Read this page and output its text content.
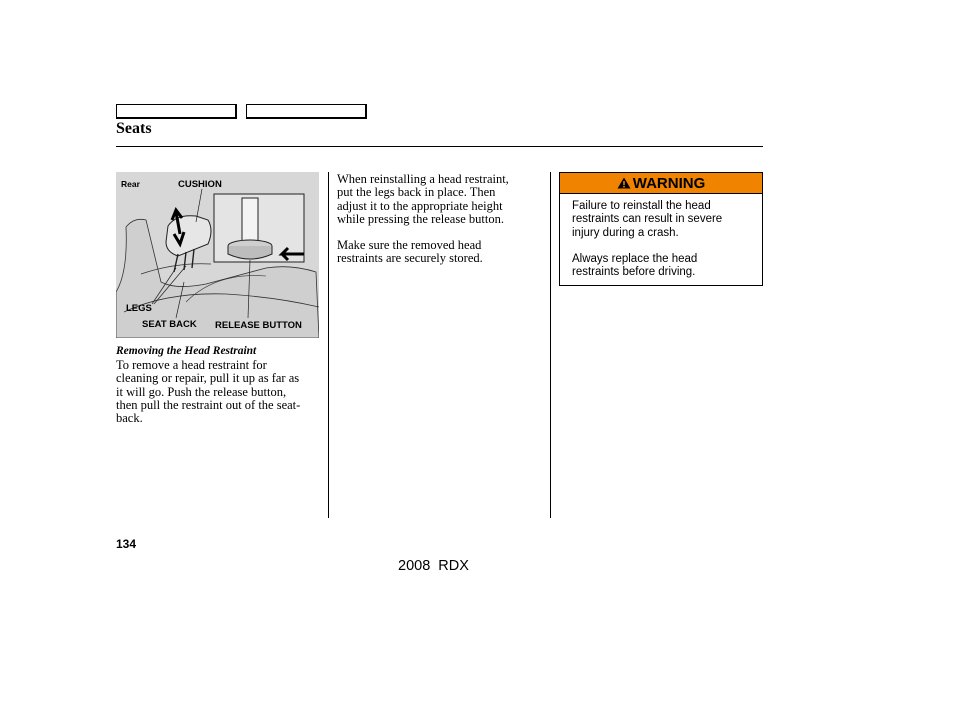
Seats
Rear	CUSHION
LEGS
SEAT BACK RELEASE BUTTON
Removing the Head Restraint

To remove a head restraint for

cleaning or repair, pull it up as far as

it will go. Push the release button,

then pull the restraint out of the seat-

back.

When reinstalling a head restraint,

put the legs back in place. Then

adjust it to the appropriate height

while pressing the release button.

Make sure the removed head

restraints are securely stored.

WARNING

Failure to reinstall the head

restraints can result in severe

injury during a crash.

Always replace the head

restraints before driving.

134
2008 RDX
